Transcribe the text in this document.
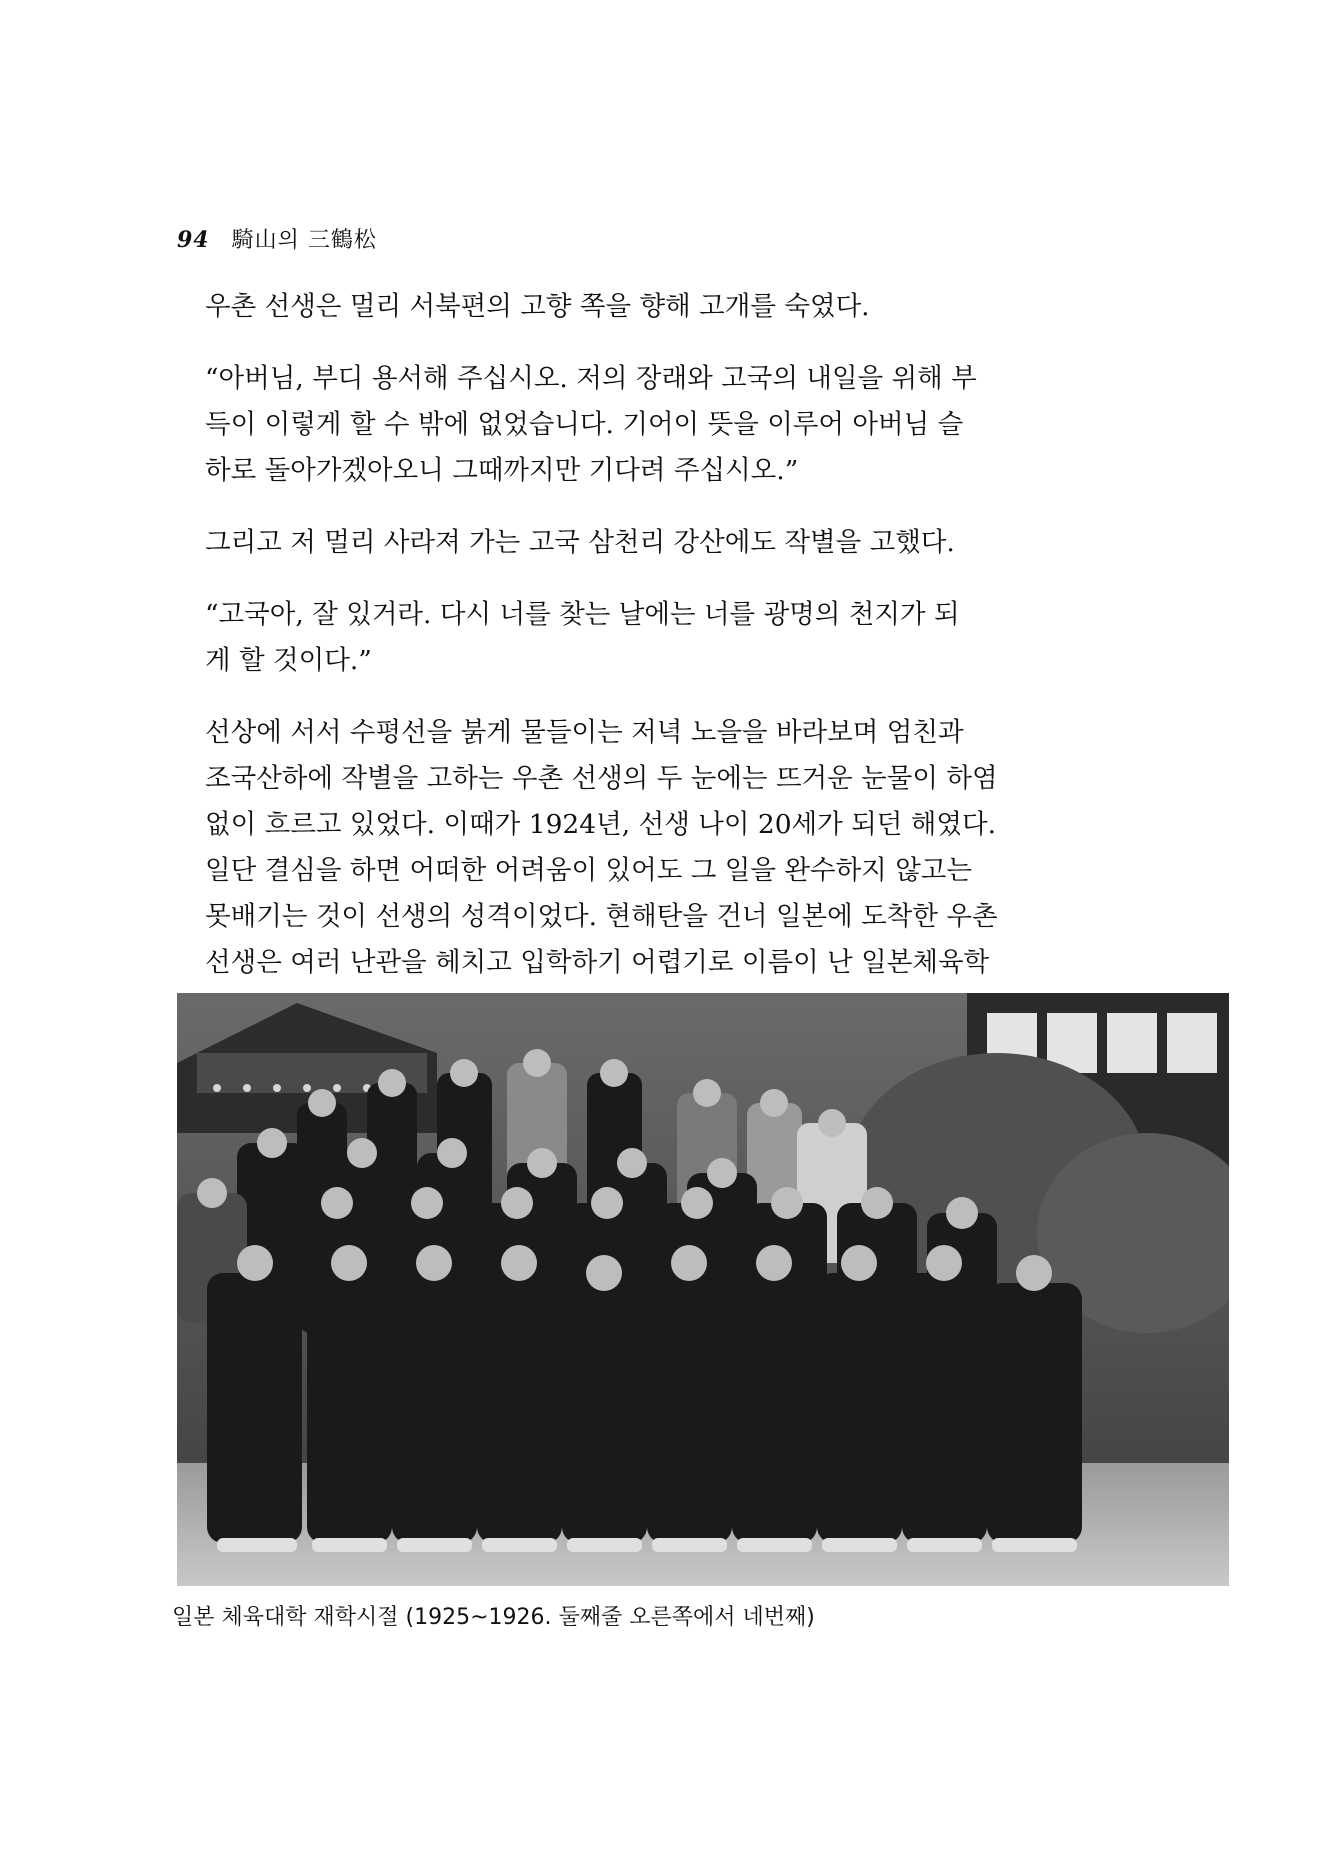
94 騎山의 三鶴松

우촌 선생은 멀리 서북편의 고향 쪽을 향해 고개를 숙였다.

“아버님, 부디 용서해 주십시오. 저의 장래와 고국의 내일을 위해 부
득이 이렇게 할 수 밖에 없었습니다. 기어이 뜻을 이루어 아버님 슬
하로 돌아가겠아오니 그때까지만 기다려 주십시오.”

그리고 저 멀리 사라져 가는 고국 삼천리 강산에도 작별을 고했다.

“고국아, 잘 있거라. 다시 너를 찾는 날에는 너를 광명의 천지가 되
게 할 것이다.”

선상에 서서 수평선을 붉게 물들이는 저녁 노을을 바라보며 엄친과
조국산하에 작별을 고하는 우촌 선생의 두 눈에는 뜨거운 눈물이 하염
없이 흐르고 있었다. 이때가 1924년, 선생 나이 20세가 되던 해였다.

일단 결심을 하면 어떠한 어려움이 있어도 그 일을 완수하지 않고는
못배기는 것이 선생의 성격이었다. 현해탄을 건너 일본에 도착한 우촌
선생은 여러 난관을 헤치고 입학하기 어렵기로 이름이 난 일본체육학

일본 체육대학 재학시절 (1925~1926. 둘째줄 오른쪽에서 네번째)
